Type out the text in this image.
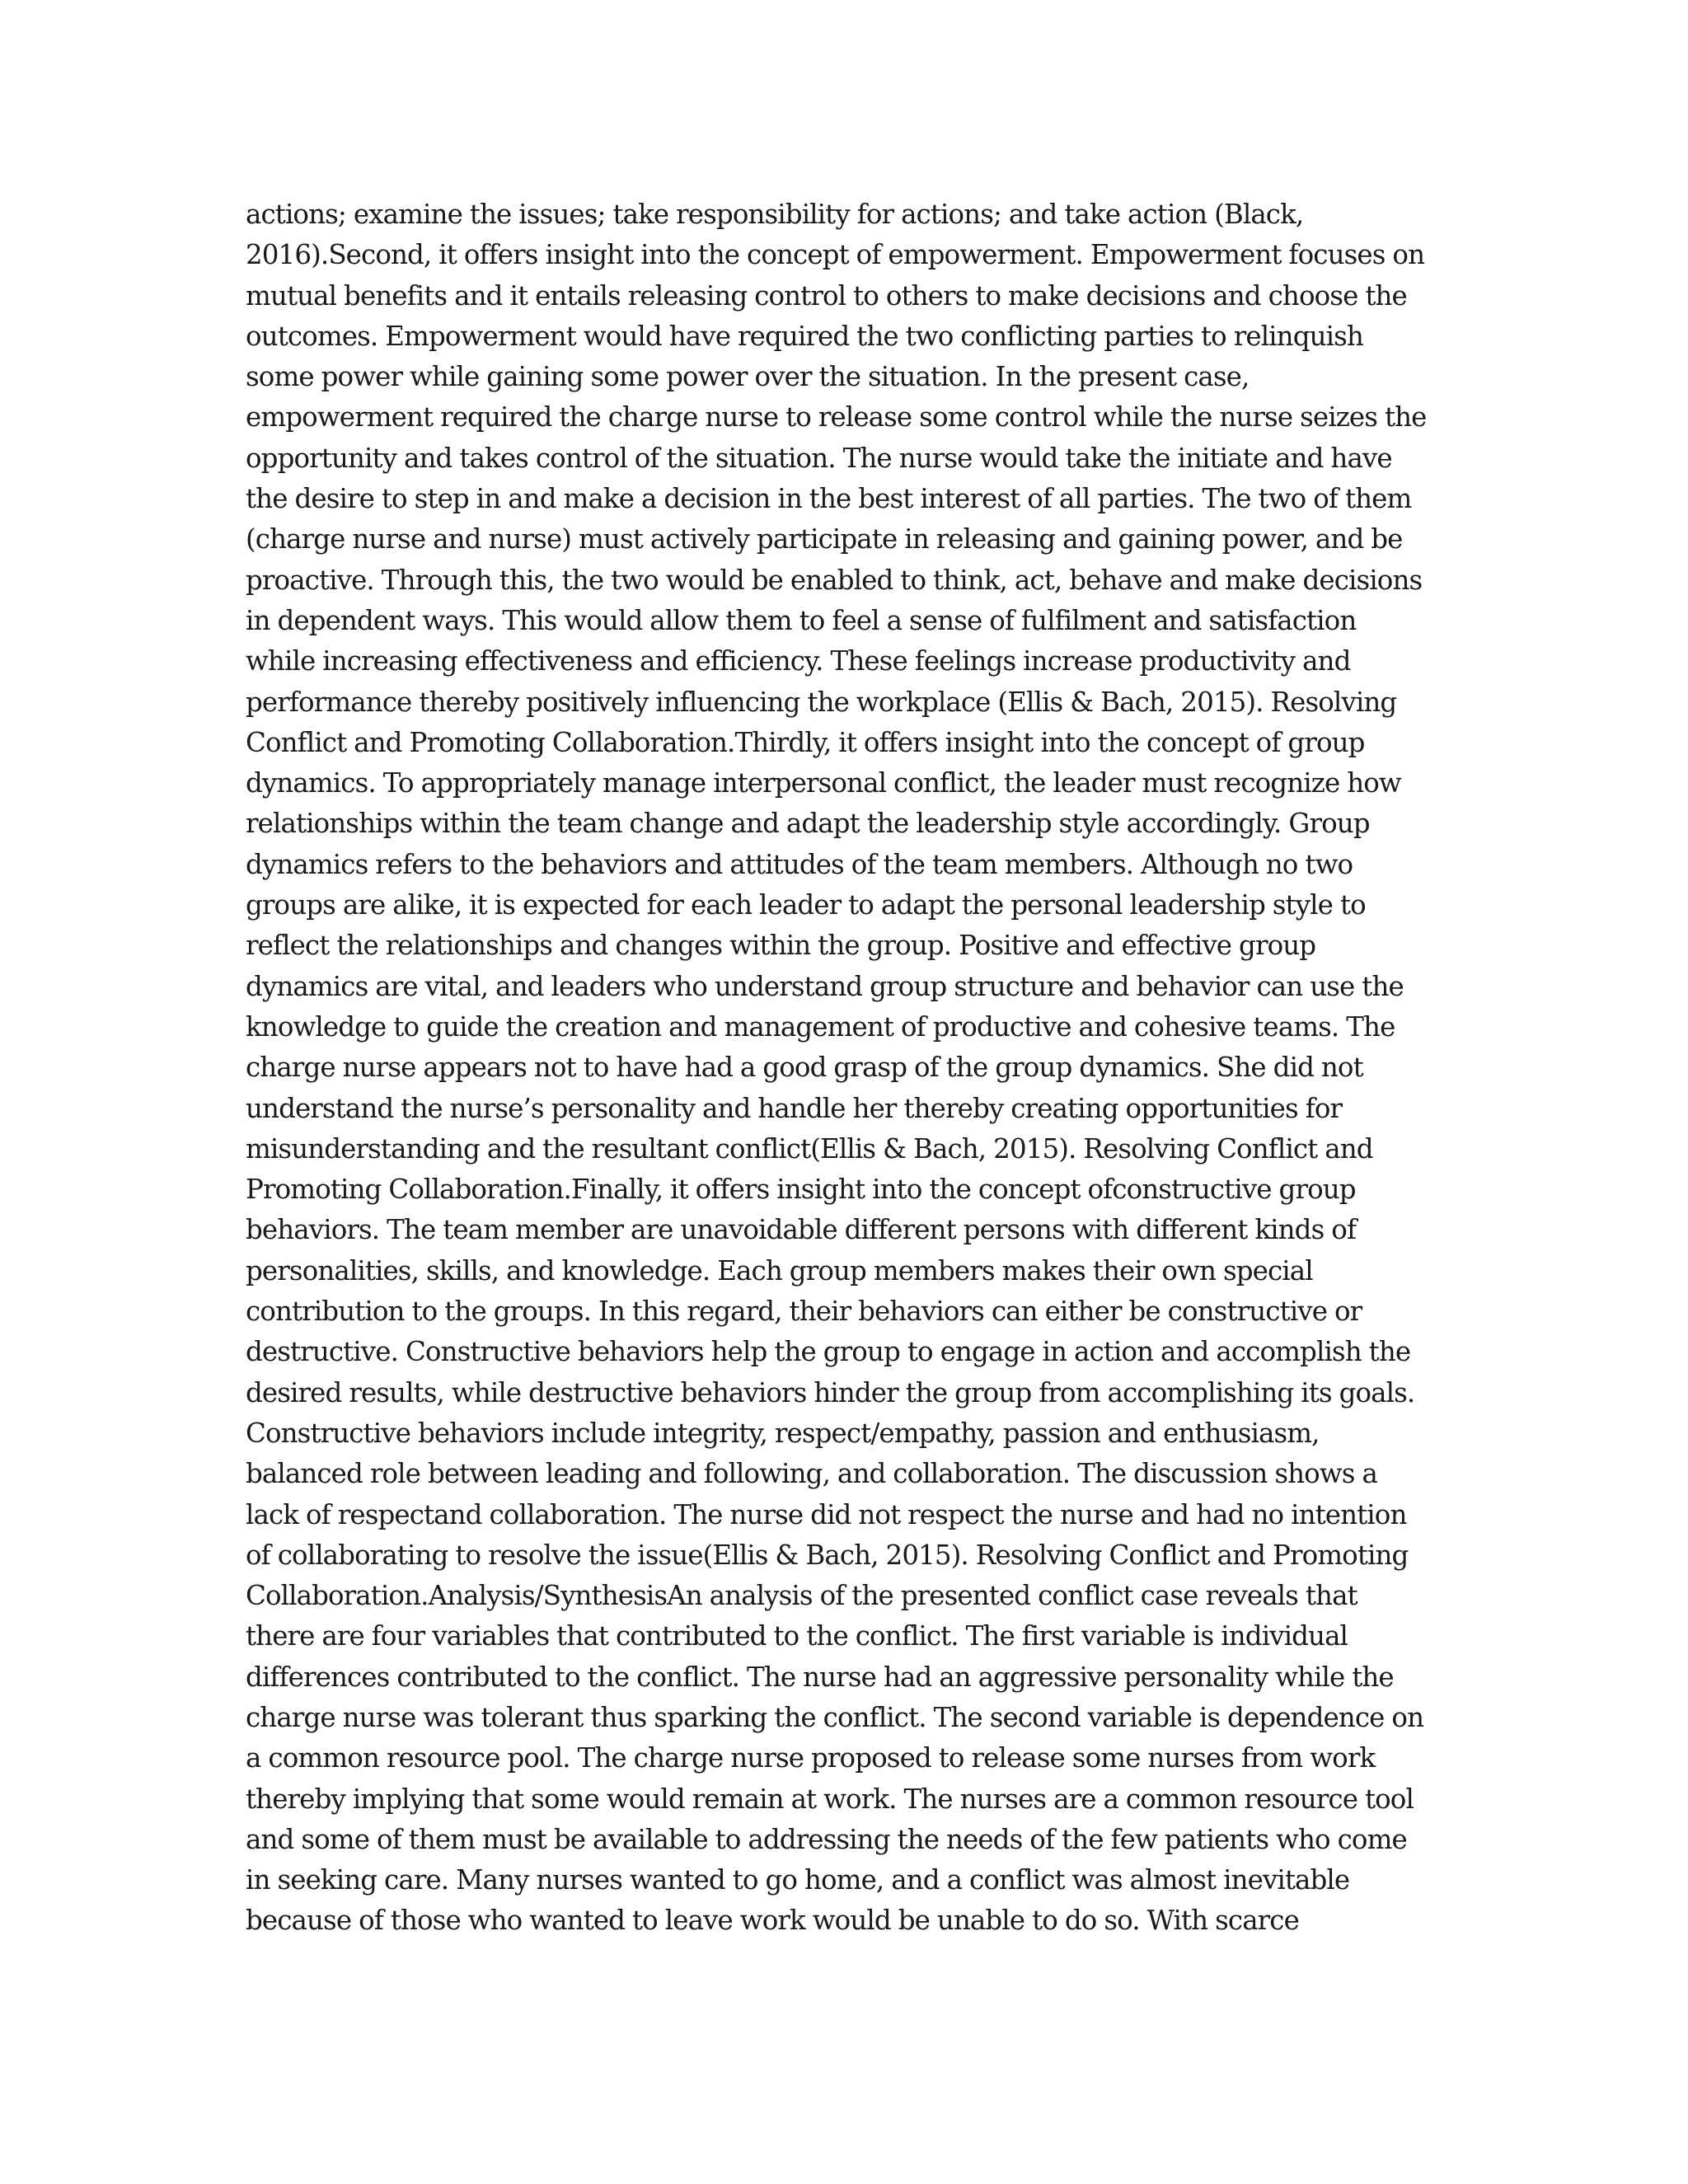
actions; examine the issues; take responsibility for actions; and take action (Black,
2016).Second, it offers insight into the concept of empowerment. Empowerment focuses on
mutual benefits and it entails releasing control to others to make decisions and choose the
outcomes. Empowerment would have required the two conflicting parties to relinquish
some power while gaining some power over the situation. In the present case,
empowerment required the charge nurse to release some control while the nurse seizes the
opportunity and takes control of the situation. The nurse would take the initiate and have
the desire to step in and make a decision in the best interest of all parties. The two of them
(charge nurse and nurse) must actively participate in releasing and gaining power, and be
proactive. Through this, the two would be enabled to think, act, behave and make decisions
in dependent ways. This would allow them to feel a sense of fulfilment and satisfaction
while increasing effectiveness and efficiency. These feelings increase productivity and
performance thereby positively influencing the workplace (Ellis & Bach, 2015). Resolving
Conflict and Promoting Collaboration.Thirdly, it offers insight into the concept of group
dynamics. To appropriately manage interpersonal conflict, the leader must recognize how
relationships within the team change and adapt the leadership style accordingly. Group
dynamics refers to the behaviors and attitudes of the team members. Although no two
groups are alike, it is expected for each leader to adapt the personal leadership style to
reflect the relationships and changes within the group. Positive and effective group
dynamics are vital, and leaders who understand group structure and behavior can use the
knowledge to guide the creation and management of productive and cohesive teams. The
charge nurse appears not to have had a good grasp of the group dynamics. She did not
understand the nurse’s personality and handle her thereby creating opportunities for
misunderstanding and the resultant conflict(Ellis & Bach, 2015). Resolving Conflict and
Promoting Collaboration.Finally, it offers insight into the concept ofconstructive group
behaviors. The team member are unavoidable different persons with different kinds of
personalities, skills, and knowledge. Each group members makes their own special
contribution to the groups. In this regard, their behaviors can either be constructive or
destructive. Constructive behaviors help the group to engage in action and accomplish the
desired results, while destructive behaviors hinder the group from accomplishing its goals.
Constructive behaviors include integrity, respect/empathy, passion and enthusiasm,
balanced role between leading and following, and collaboration. The discussion shows a
lack of respectand collaboration. The nurse did not respect the nurse and had no intention
of collaborating to resolve the issue(Ellis & Bach, 2015). Resolving Conflict and Promoting
Collaboration.Analysis/SynthesisAn analysis of the presented conflict case reveals that
there are four variables that contributed to the conflict. The first variable is individual
differences contributed to the conflict. The nurse had an aggressive personality while the
charge nurse was tolerant thus sparking the conflict. The second variable is dependence on
a common resource pool. The charge nurse proposed to release some nurses from work
thereby implying that some would remain at work. The nurses are a common resource tool
and some of them must be available to addressing the needs of the few patients who come
in seeking care. Many nurses wanted to go home, and a conflict was almost inevitable
because of those who wanted to leave work would be unable to do so. With scarce
